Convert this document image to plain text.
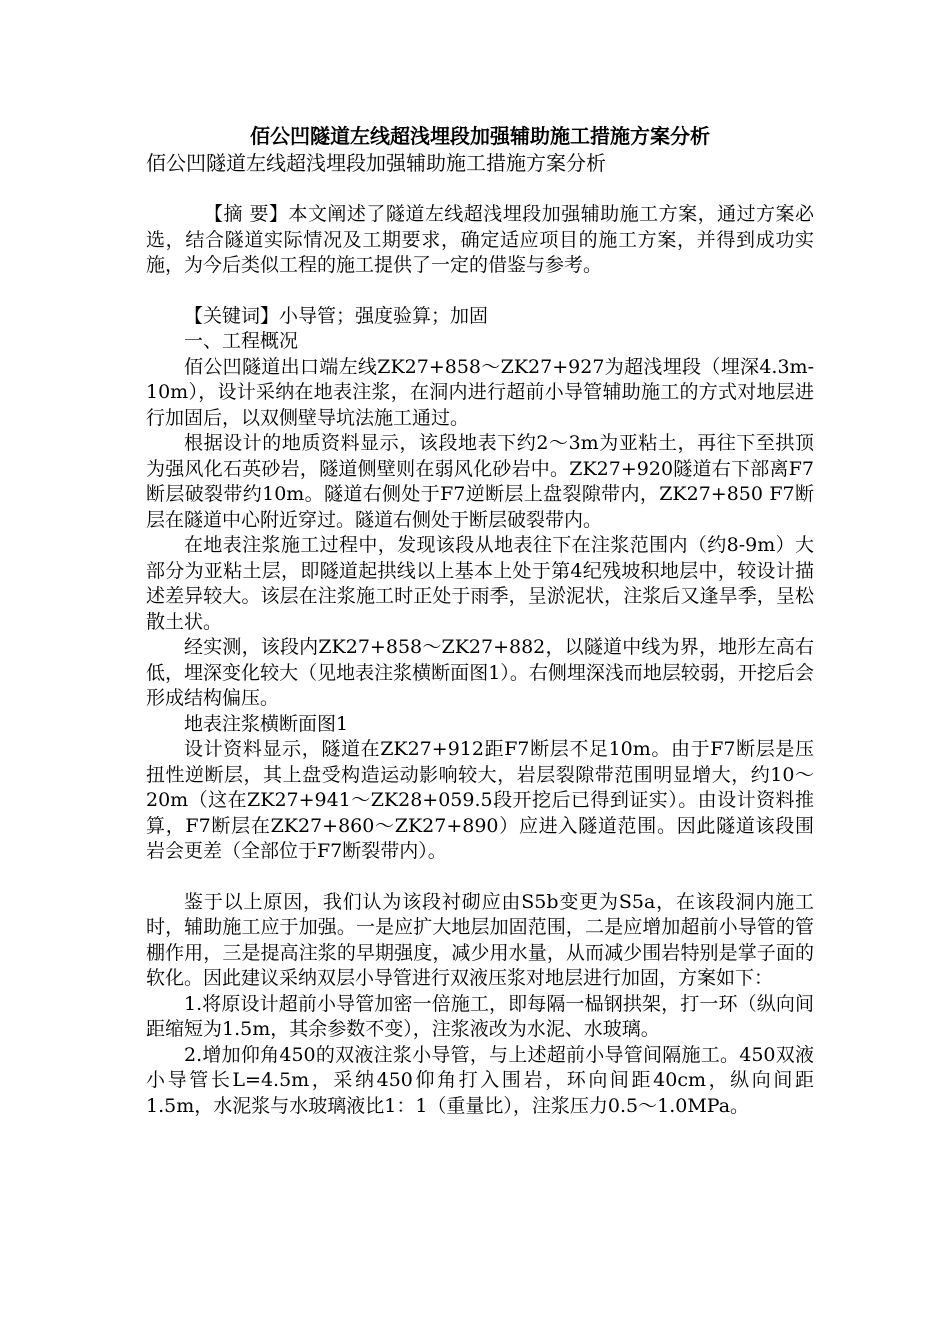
佰公凹隧道左线超浅埋段加强辅助施工措施方案分析
佰公凹隧道左线超浅埋段加强辅助施工措施方案分析

【摘 要】本文阐述了隧道左线超浅埋段加强辅助施工方案，通过方案必选，结合隧道实际情况及工期要求，确定适应项目的施工方案，并得到成功实施，为今后类似工程的施工提供了一定的借鉴与参考。

【关键词】小导管；强度验算；加固

一、工程概况

佰公凹隧道出口端左线ZK27+858～ZK27+927为超浅埋段（埋深4.3m-10m），设计采纳在地表注浆，在洞内进行超前小导管辅助施工的方式对地层进行加固后，以双侧壁导坑法施工通过。

根据设计的地质资料显示，该段地表下约2～3m为亚粘土，再往下至拱顶为强风化石英砂岩，隧道侧壁则在弱风化砂岩中。ZK27+920隧道右下部离F7断层破裂带约10m。隧道右侧处于F7逆断层上盘裂隙带内，ZK27+850 F7断层在隧道中心附近穿过。隧道右侧处于断层破裂带内。

在地表注浆施工过程中，发现该段从地表往下在注浆范围内（约8-9m）大部分为亚粘土层，即隧道起拱线以上基本上处于第4纪残坡积地层中，较设计描述差异较大。该层在注浆施工时正处于雨季，呈淤泥状，注浆后又逢旱季，呈松散土状。

经实测，该段内ZK27+858～ZK27+882，以隧道中线为界，地形左高右低，埋深变化较大（见地表注浆横断面图1）。右侧埋深浅而地层较弱，开挖后会形成结构偏压。

地表注浆横断面图1

设计资料显示，隧道在ZK27+912距F7断层不足10m。由于F7断层是压扭性逆断层，其上盘受构造运动影响较大，岩层裂隙带范围明显增大，约10～20m（这在ZK27+941～ZK28+059.5段开挖后已得到证实）。由设计资料推算，F7断层在ZK27+860～ZK27+890）应进入隧道范围。因此隧道该段围岩会更差（全部位于F7断裂带内）。

鉴于以上原因，我们认为该段衬砌应由S5b变更为S5a，在该段洞内施工时，辅助施工应于加强。一是应扩大地层加固范围，二是应增加超前小导管的管棚作用，三是提高注浆的早期强度，减少用水量，从而减少围岩特别是掌子面的软化。因此建议采纳双层小导管进行双液压浆对地层进行加固，方案如下：

1.将原设计超前小导管加密一倍施工，即每隔一榀钢拱架，打一环（纵向间距缩短为1.5m，其余参数不变），注浆液改为水泥、水玻璃。

2.增加仰角450的双液注浆小导管，与上述超前小导管间隔施工。450双液小导管长L=4.5m，采纳450仰角打入围岩，环向间距40cm，纵向间距1.5m，水泥浆与水玻璃液比1：1（重量比），注浆压力0.5～1.0MPa。
